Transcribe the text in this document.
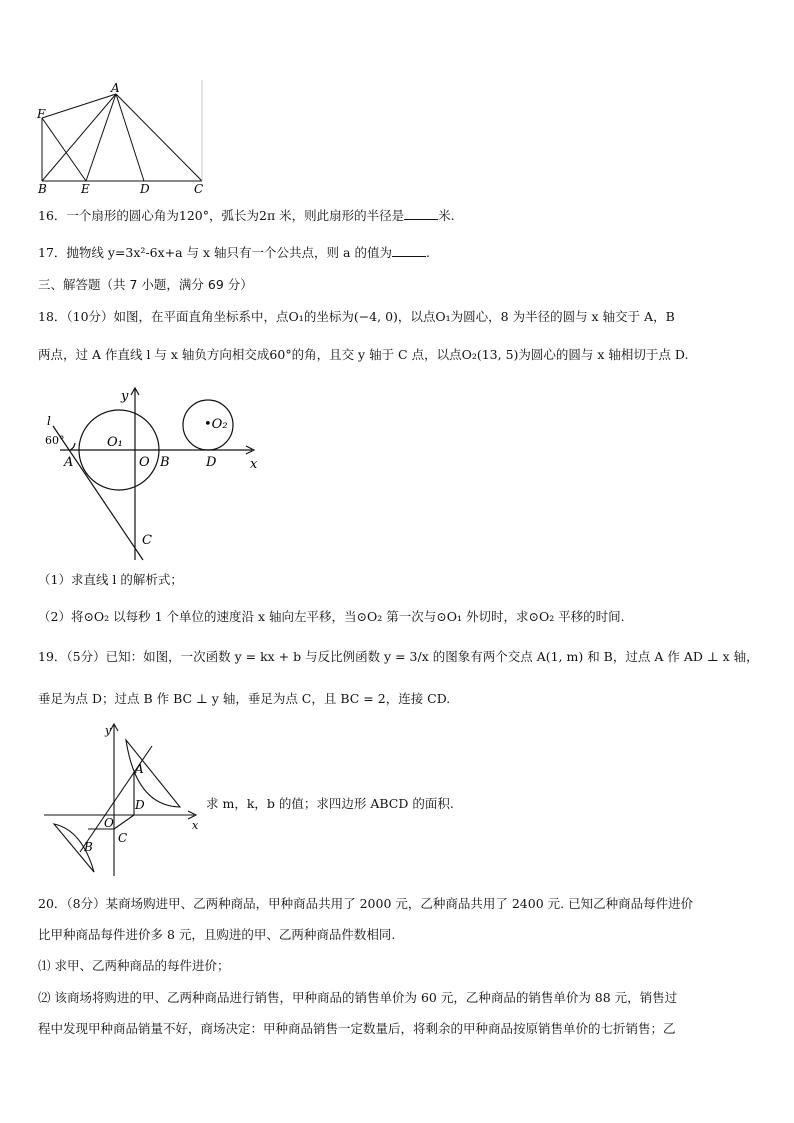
A
F
B	E	D	C
16．一个扇形的圆心角为120°，弧长为2π 米，则此扇形的半径是	米.
17．抛物线 y=3x²-6x+a 与 x 轴只有一个公共点，则 a 的值为	.
三、解答题（共 7 小题，满分 69 分）
18．（10分）如图，在平面直角坐标系中，点O₁的坐标为(−4, 0)，以点O₁为圆心，8 为半径的圆与 x 轴交于 A，B
两点，过 A 作直线 l 与 x 轴负方向相交成60°的角，且交 y 轴于 C 点，以点O₂(13, 5)为圆心的圆与 x 轴相切于点 D.
l
60°
y
O₁
•O₂
A	O B	D	x
C
（1）求直线 l 的解析式；
（2）将⊙O₂ 以每秒 1 个单位的速度沿 x 轴向左平移，当⊙O₂ 第一次与⊙O₁ 外切时，求⊙O₂ 平移的时间.
19．（5分）已知：如图，一次函数 y = kx + b 与反比例函数 y = 3/x 的图象有两个交点 A(1, m) 和 B，过点 A 作 AD ⊥ x 轴，
垂足为点 D；过点 B 作 BC ⊥ y 轴，垂足为点 C，且 BC = 2，连接 CD.
y
A
D
O
C
B
x
求 m，k，b 的值；求四边形 ABCD 的面积.
20．（8分）某商场购进甲、乙两种商品，甲种商品共用了 2000 元，乙种商品共用了 2400 元. 已知乙种商品每件进价
比甲种商品每件进价多 8 元，且购进的甲、乙两种商品件数相同.
⑴ 求甲、乙两种商品的每件进价；
⑵ 该商场将购进的甲、乙两种商品进行销售，甲种商品的销售单价为 60 元，乙种商品的销售单价为 88 元，销售过
程中发现甲种商品销量不好，商场决定：甲种商品销售一定数量后，将剩余的甲种商品按原销售单价的七折销售；乙
